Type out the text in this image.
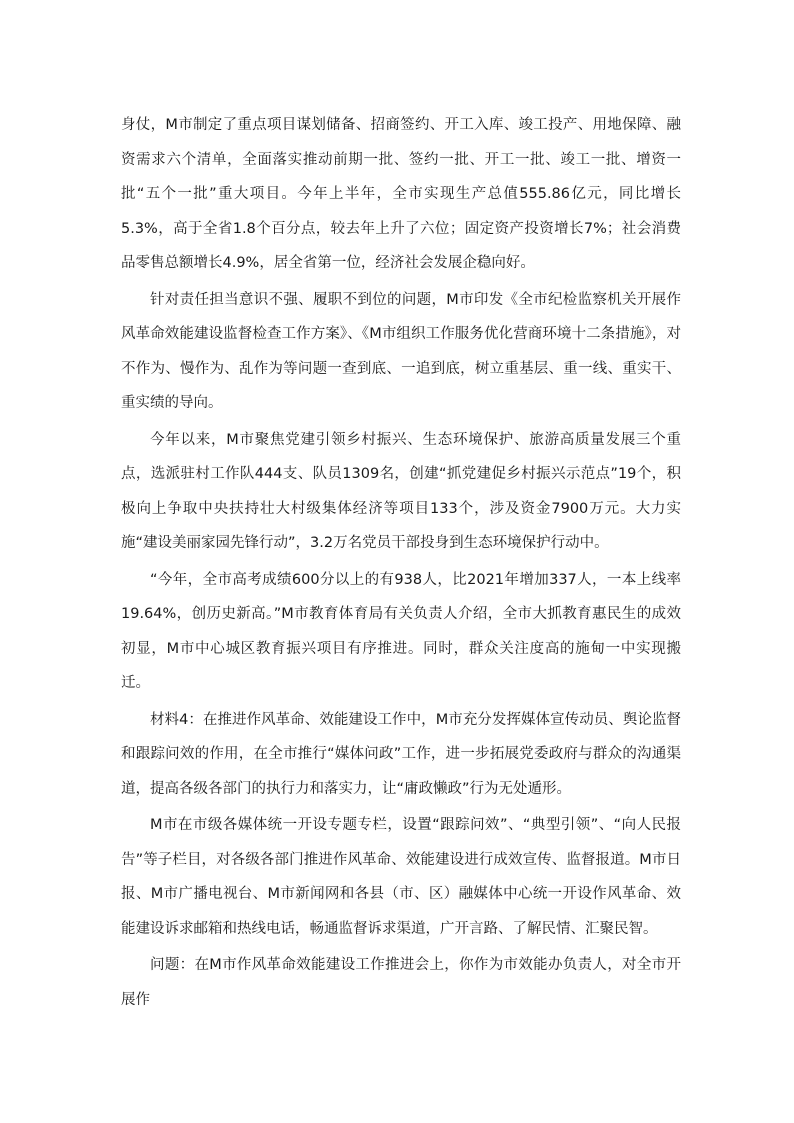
身仗，M市制定了重点项目谋划储备、招商签约、开工入库、竣工投产、用地保障、融资需求六个清单，全面落实推动前期一批、签约一批、开工一批、竣工一批、增资一批“五个一批”重大项目。今年上半年，全市实现生产总值555.86亿元，同比增长5.3%，高于全省1.8个百分点，较去年上升了六位；固定资产投资增长7%；社会消费品零售总额增长4.9%，居全省第一位，经济社会发展企稳向好。

针对责任担当意识不强、履职不到位的问题，M市印发《全市纪检监察机关开展作风革命效能建设监督检查工作方案》、《M市组织工作服务优化营商环境十二条措施》，对不作为、慢作为、乱作为等问题一查到底、一追到底，树立重基层、重一线、重实干、重实绩的导向。

今年以来，M市聚焦党建引领乡村振兴、生态环境保护、旅游高质量发展三个重点，选派驻村工作队444支、队员1309名，创建“抓党建促乡村振兴示范点”19个，积极向上争取中央扶持壮大村级集体经济等项目133个，涉及资金7900万元。大力实施“建设美丽家园先锋行动”，3.2万名党员干部投身到生态环境保护行动中。

“今年，全市高考成绩600分以上的有938人，比2021年增加337人，一本上线率19.64%，创历史新高。”M市教育体育局有关负责人介绍，全市大抓教育惠民生的成效初显，M市中心城区教育振兴项目有序推进。同时，群众关注度高的施甸一中实现搬迁。

材料4：在推进作风革命、效能建设工作中，M市充分发挥媒体宣传动员、舆论监督和跟踪问效的作用，在全市推行“媒体问政”工作，进一步拓展党委政府与群众的沟通渠道，提高各级各部门的执行力和落实力，让“庸政懒政”行为无处遁形。

M市在市级各媒体统一开设专题专栏，设置“跟踪问效”、“典型引领”、“向人民报告”等子栏目，对各级各部门推进作风革命、效能建设进行成效宣传、监督报道。M市日报、M市广播电视台、M市新闻网和各县（市、区）融媒体中心统一开设作风革命、效能建设诉求邮箱和热线电话，畅通监督诉求渠道，广开言路、了解民情、汇聚民智。

问题：在M市作风革命效能建设工作推进会上，你作为市效能办负责人，对全市开展作
